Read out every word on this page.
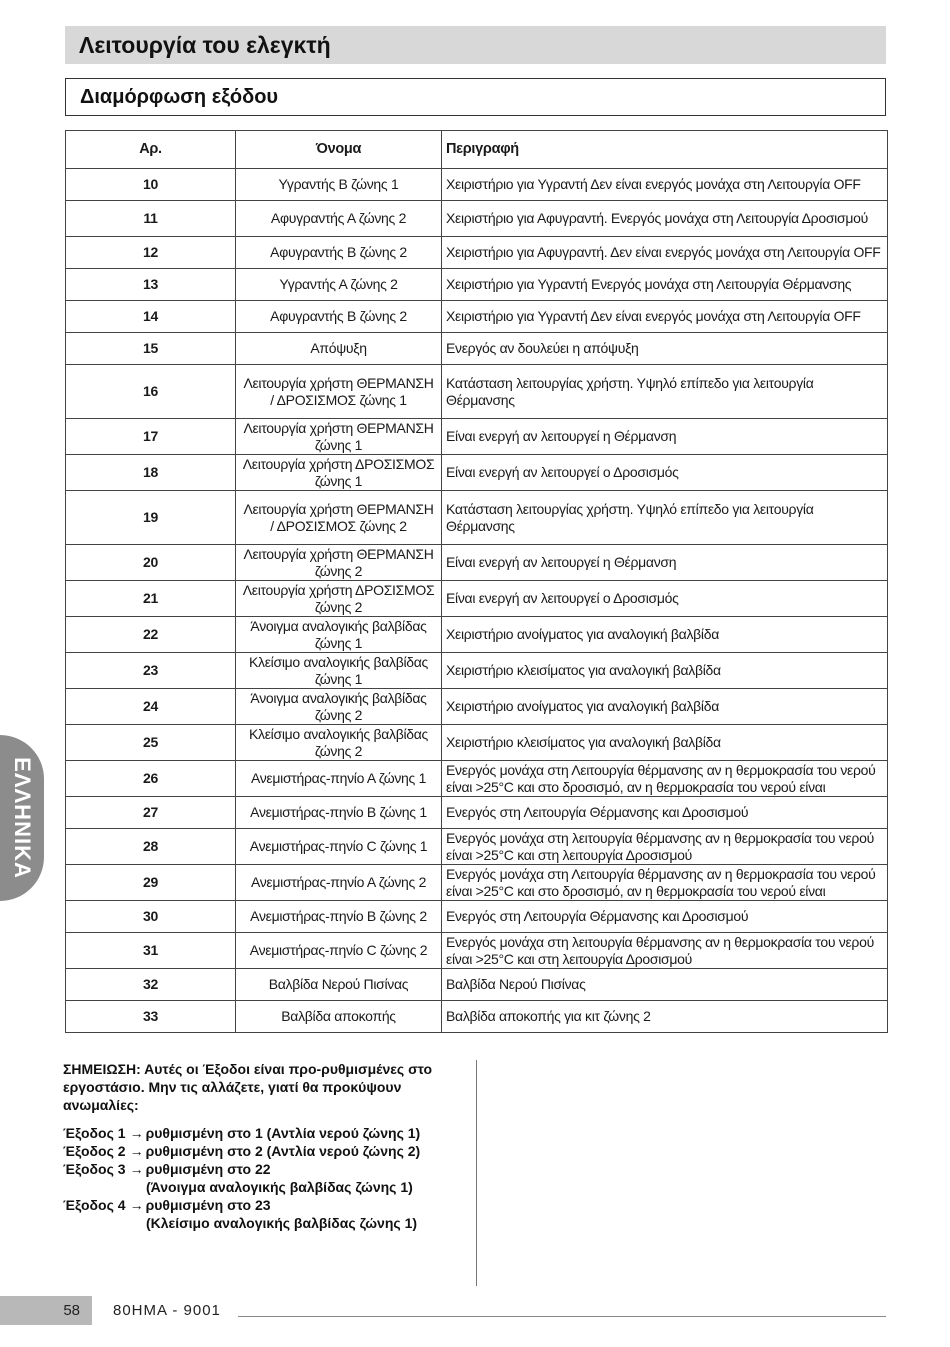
Λειτουργία του ελεγκτή
Διαμόρφωση εξόδου
Αρ.	Όνομα	Περιγραφή
10	Υγραντής Β ζώνης 1	Χειριστήριο για Υγραντή Δεν είναι ενεργός μονάχα στη Λειτουργία OFF
11	Αφυγραντής Α ζώνης 2	Χειριστήριο για Αφυγραντή. Ενεργός μονάχα στη Λειτουργία Δροσισμού
12	Αφυγραντής Β ζώνης 2	Χειριστήριο για Αφυγραντή. Δεν είναι ενεργός μονάχα στη Λειτουργία OFF
13	Υγραντής Α ζώνης 2	Χειριστήριο για Υγραντή Ενεργός μονάχα στη Λειτουργία Θέρμανσης
14	Αφυγραντής Β ζώνης 2	Χειριστήριο για Υγραντή Δεν είναι ενεργός μονάχα στη Λειτουργία OFF
15	Απόψυξη	Ενεργός αν δουλεύει η απόψυξη
16	Λειτουργία χρήστη ΘΕΡΜΑΝΣΗ / ΔΡΟΣΙΣΜΟΣ ζώνης 1	Κατάσταση λειτουργίας χρήστη. Υψηλό επίπεδο για λειτουργία Θέρμανσης
17	Λειτουργία χρήστη ΘΕΡΜΑΝΣΗ ζώνης 1	Είναι ενεργή αν λειτουργεί η Θέρμανση
18	Λειτουργία χρήστη ΔΡΟΣΙΣΜΟΣ ζώνης 1	Είναι ενεργή αν λειτουργεί ο Δροσισμός
19	Λειτουργία χρήστη ΘΕΡΜΑΝΣΗ / ΔΡΟΣΙΣΜΟΣ ζώνης 2	Κατάσταση λειτουργίας χρήστη. Υψηλό επίπεδο για λειτουργία Θέρμανσης
20	Λειτουργία χρήστη ΘΕΡΜΑΝΣΗ ζώνης 2	Είναι ενεργή αν λειτουργεί η Θέρμανση
21	Λειτουργία χρήστη ΔΡΟΣΙΣΜΟΣ ζώνης 2	Είναι ενεργή αν λειτουργεί ο Δροσισμός
22	Άνοιγμα αναλογικής βαλβίδας ζώνης 1	Χειριστήριο ανοίγματος για αναλογική βαλβίδα
23	Κλείσιμο αναλογικής βαλβίδας ζώνης 1	Χειριστήριο κλεισίματος για αναλογική βαλβίδα
24	Άνοιγμα αναλογικής βαλβίδας ζώνης 2	Χειριστήριο ανοίγματος για αναλογική βαλβίδα
25	Κλείσιμο αναλογικής βαλβίδας ζώνης 2	Χειριστήριο κλεισίματος για αναλογική βαλβίδα
26	Ανεμιστήρας-πηνίο Α ζώνης 1	Ενεργός μονάχα στη Λειτουργία θέρμανσης αν η θερμοκρασία του νερού είναι >25°C και στο δροσισμό, αν η θερμοκρασία του νερού είναι
27	Ανεμιστήρας-πηνίο Β ζώνης 1	Ενεργός στη Λειτουργία Θέρμανσης και Δροσισμού
28	Ανεμιστήρας-πηνίο C ζώνης 1	Ενεργός μονάχα στη λειτουργία θέρμανσης αν η θερμοκρασία του νερού είναι >25°C και στη λειτουργία Δροσισμού
29	Ανεμιστήρας-πηνίο Α ζώνης 2	Ενεργός μονάχα στη Λειτουργία θέρμανσης αν η θερμοκρασία του νερού είναι >25°C και στο δροσισμό, αν η θερμοκρασία του νερού είναι
30	Ανεμιστήρας-πηνίο Β ζώνης 2	Ενεργός στη Λειτουργία Θέρμανσης και Δροσισμού
31	Ανεμιστήρας-πηνίο C ζώνης 2	Ενεργός μονάχα στη λειτουργία θέρμανσης αν η θερμοκρασία του νερού είναι >25°C και στη λειτουργία Δροσισμού
32	Βαλβίδα Νερού Πισίνας	Βαλβίδα Νερού Πισίνας
33	Βαλβίδα αποκοπής	Βαλβίδα αποκοπής για κιτ ζώνης 2
ΕΛΛΗΝΙΚΑ

ΣΗΜΕΙΩΣΗ: Αυτές οι Έξοδοι είναι προ-ρυθμισμένες στο εργοστάσιο. Μην τις αλλάζετε, γιατί θα προκύψουν ανωμαλίες:

Έξοδος 1 → ρυθμισμένη στο 1 (Αντλία νερού ζώνης 1)
Έξοδος 2 → ρυθμισμένη στο 2 (Αντλία νερού ζώνης 2)
Έξοδος 3 → ρυθμισμένη στο 22
(Άνοιγμα αναλογικής βαλβίδας ζώνης 1)
Έξοδος 4 → ρυθμισμένη στο 23
(Κλείσιμο αναλογικής βαλβίδας ζώνης 1)
58 80HMA - 9001
